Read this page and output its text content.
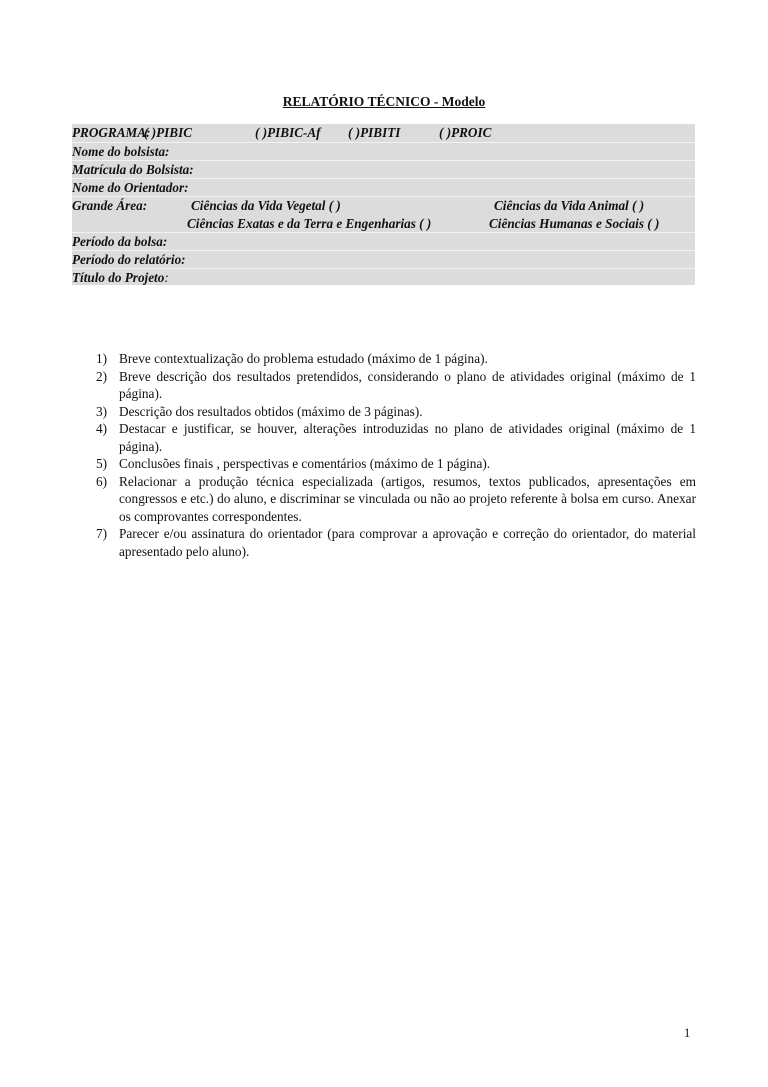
RELATÓRIO TÉCNICO - Modelo
PROGRAMA:
( )PIBIC	( )PIBIC-Af ( )PIBITI	( )PROIC
Nome do bolsista:
Matrícula do Bolsista:
Nome do Orientador:
Grande Área:	Ciências da Vida Vegetal ( )	Ciências da Vida Animal ( )
Ciências Exatas e da Terra e Engenharias ( )	Ciências Humanas e Sociais ( )
Período da bolsa:
Período do relatório:
Título do Projeto:
1) Breve contextualização do problema estudado (máximo de 1 página).
2) Breve descrição dos resultados pretendidos, considerando o plano de atividades original (máximo de 1 página).
3) Descrição dos resultados obtidos (máximo de 3 páginas).
4) Destacar e justificar, se houver, alterações introduzidas no plano de atividades original (máximo de 1 página).
5) Conclusões finais , perspectivas e comentários (máximo de 1 página).
6) Relacionar a produção técnica especializada (artigos, resumos, textos publicados, apresentações em congressos e etc.) do aluno, e discriminar se vinculada ou não ao projeto referente à bolsa em curso. Anexar os comprovantes correspondentes.
7) Parecer e/ou assinatura do orientador (para comprovar a aprovação e correção do orientador, do material apresentado pelo aluno).
1
